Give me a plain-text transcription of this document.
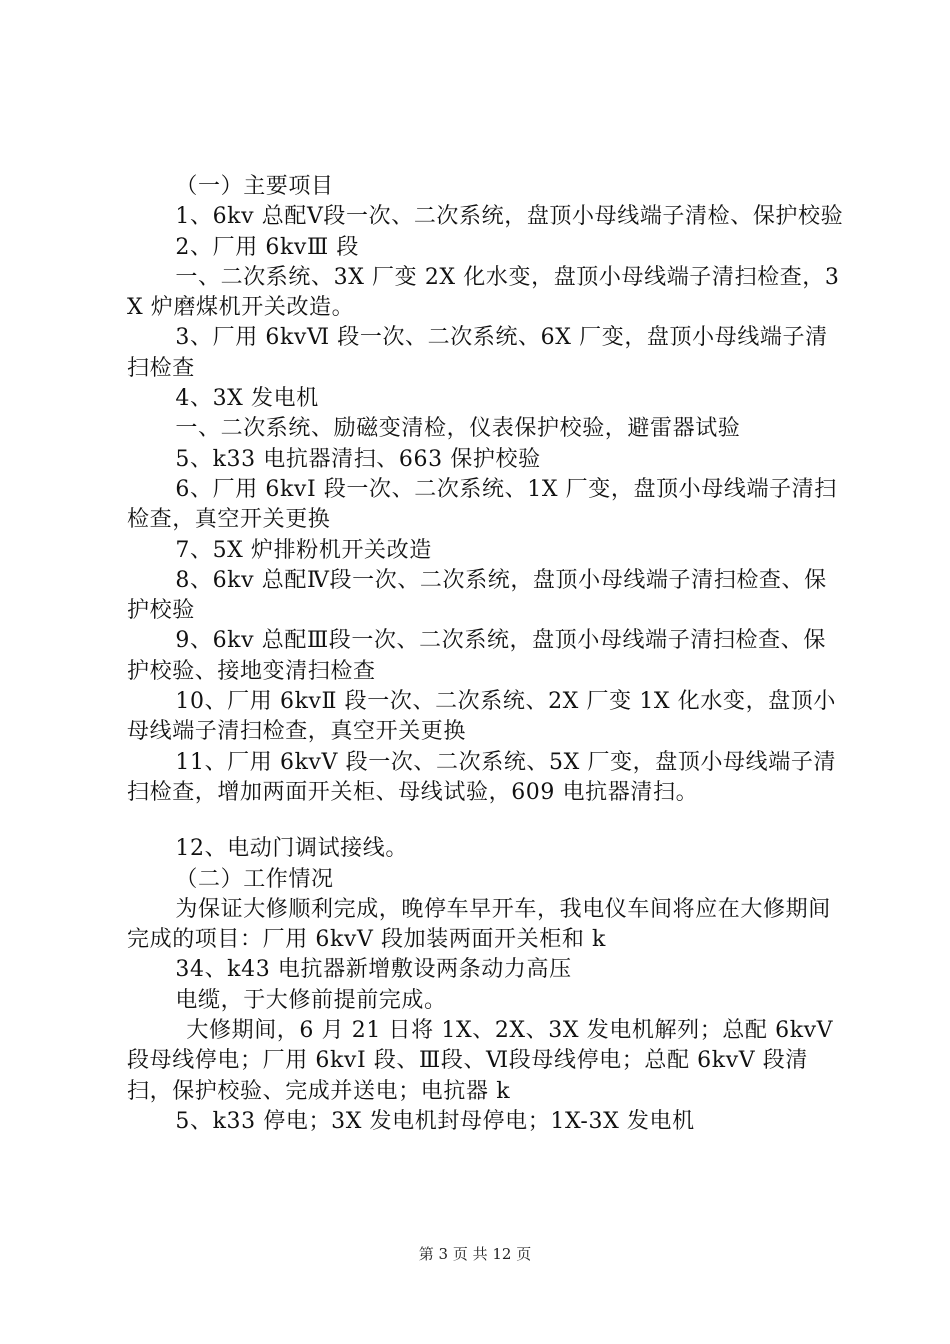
（一）主要项目

1、6kv 总配Ⅴ段一次、二次系统，盘顶小母线端子清检、保护校验

2、厂用 6kvⅢ 段

一、二次系统、3X 厂变 2X 化水变，盘顶小母线端子清扫检查，3X 炉磨煤机开关改造。

3、厂用 6kvⅥ 段一次、二次系统、6X 厂变，盘顶小母线端子清扫检查

4、3X 发电机

一、二次系统、励磁变清检，仪表保护校验，避雷器试验

5、k33 电抗器清扫、663 保护校验

6、厂用 6kvⅠ 段一次、二次系统、1X 厂变，盘顶小母线端子清扫检查，真空开关更换

7、5X 炉排粉机开关改造

8、6kv 总配Ⅳ段一次、二次系统，盘顶小母线端子清扫检查、保护校验

9、6kv 总配Ⅲ段一次、二次系统，盘顶小母线端子清扫检查、保护校验、接地变清扫检查

10、厂用 6kvⅡ 段一次、二次系统、2X 厂变 1X 化水变，盘顶小母线端子清扫检查，真空开关更换

11、厂用 6kvⅤ 段一次、二次系统、5X 厂变，盘顶小母线端子清扫检查，增加两面开关柜、母线试验，609 电抗器清扫。

12、电动门调试接线。

（二）工作情况

为保证大修顺利完成，晚停车早开车，我电仪车间将应在大修期间完成的项目：厂用 6kvⅤ 段加装两面开关柜和 k

34、k43 电抗器新增敷设两条动力高压

电缆，于大修前提前完成。

大修期间，6 月 21 日将 1X、2X、3X 发电机解列；总配 6kvⅤ 段母线停电；厂用 6kvⅠ 段、Ⅲ段、Ⅵ段母线停电；总配 6kvⅤ 段清扫，保护校验、完成并送电；电抗器 k

5、k33 停电；3X 发电机封母停电；1X-3X 发电机

第 3 页 共 12 页
